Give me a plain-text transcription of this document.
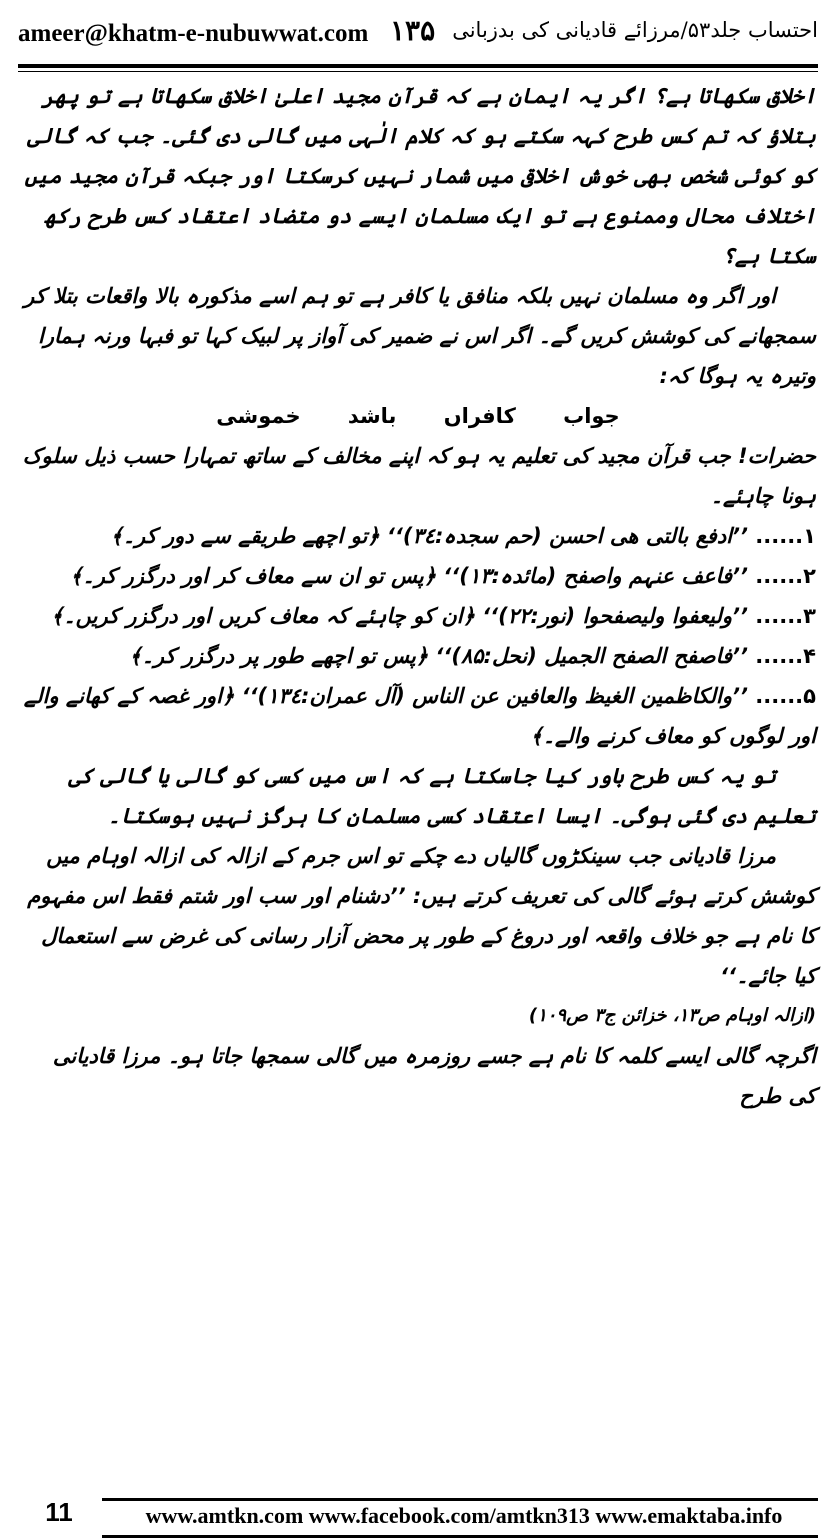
ameer@khatm-e-nubuwwat.com ۱۳۵ احتساب جلد۵۳/مرزائے قادیانی کی بدزبانی

اخلاق سکھاتا ہے؟ اگر یہ ایمان ہے کہ قرآن مجید اعلیٰ اخلاق سکھاتا ہے تو پھر بتلاؤ کہ تم کس طرح کہہ سکتے ہو کہ کلام الٰہی میں گالی دی گئی۔ جب کہ گالی کو کوئی شخص بھی خوش اخلاقی میں شمار نہیں کرسکتا اور جبکہ قرآن مجید میں اختلاف محال وممنوع ہے تو ایک مسلمان ایسے دو متضاد اعتقاد کس طرح رکھ سکتا ہے؟

اور اگر وہ مسلمان نہیں بلکہ منافق یا کافر ہے تو ہم اسے مذکورہ بالا واقعات بتلا کر سمجھانے کی کوشش کریں گے۔ اگر اس نے ضمیر کی آواز پر لبیک کہا تو فبہا ورنہ ہمارا وتیرہ یہ ہوگا کہ:

جواب کافراں باشد خموشی

حضرات! جب قرآن مجید کی تعلیم یہ ہو کہ اپنے مخالف کے ساتھ تمہارا حسب ذیل سلوک ہونا چاہئے۔

۱...... ’’ادفع بالتی ھی احسن (حم سجدہ:۳٤)‘‘ ﴿تو اچھے طریقے سے دور کر۔﴾

۲...... ’’فاعف عنہم واصفح (مائدہ:۱۳)‘‘ ﴿پس تو ان سے معاف کر اور درگزر کر۔﴾

۳...... ’’ولیعفوا ولیصفحوا (نور:۲۲)‘‘ ﴿ان کو چاہئے کہ معاف کریں اور درگزر کریں۔﴾

۴...... ’’فاصفح الصفح الجمیل (نحل:۸۵)‘‘ ﴿پس تو اچھے طور پر درگزر کر۔﴾

۵...... ’’والکاظمین الغیظ والعافین عن الناس (آل عمران:۱۳٤)‘‘ ﴿اور غصہ کے کھانے والے اور لوگوں کو معاف کرنے والے۔﴾

تو یہ کس طرح باور کیا جاسکتا ہے کہ اس میں کسی کو گالی یا گالی کی تعلیم دی گئی ہوگی۔ ایسا اعتقاد کسی مسلمان کا ہرگز نہیں ہوسکتا۔

مرزا قادیانی جب سینکڑوں گالیاں دے چکے تو اس جرم کے ازالہ کی ازالہ اوہام میں کوشش کرتے ہوئے گالی کی تعریف کرتے ہیں: ’’دشنام اور سب اور شتم فقط اس مفہوم کا نام ہے جو خلاف واقعہ اور دروغ کے طور پر محض آزار رسانی کی غرض سے استعمال کیا جائے۔‘‘

(ازالہ اوہام ص۱۳، خزائن ج۳ ص۱۰۹)

اگرچہ گالی ایسے کلمہ کا نام ہے جسے روزمرہ میں گالی سمجھا جاتا ہو۔ مرزا قادیانی کی طرح

11	www.amtkn.com www.facebook.com/amtkn313 www.emaktaba.info
